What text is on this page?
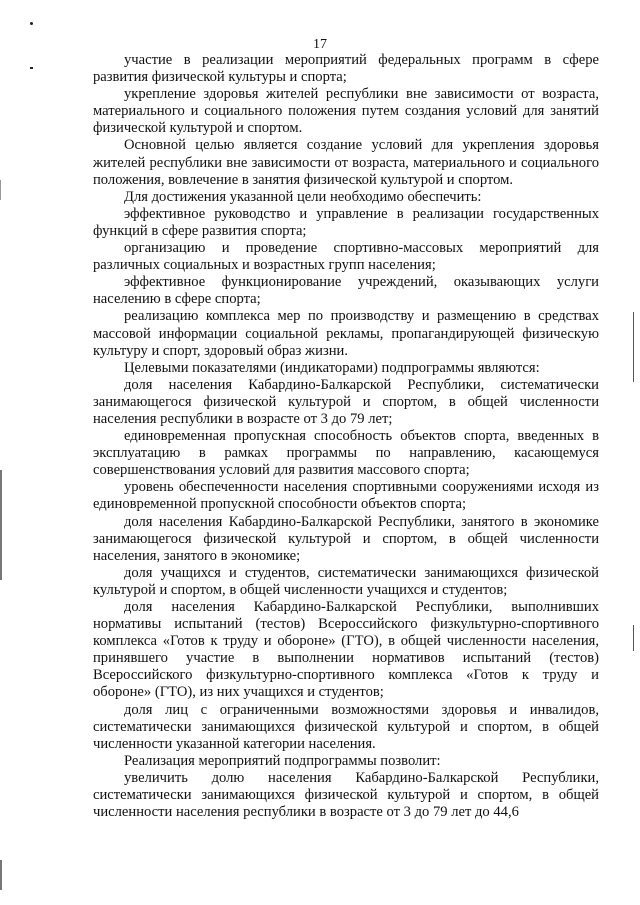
17

участие в реализации мероприятий федеральных программ в сфере развития физической культуры и спорта;

укрепление здоровья жителей республики вне зависимости от возраста, материального и социального положения путем создания условий для занятий физической культурой и спортом.

Основной целью является создание условий для укрепления здоровья жителей республики вне зависимости от возраста, материального и социального положения, вовлечение в занятия физической культурой и спортом.

Для достижения указанной цели необходимо обеспечить:

эффективное руководство и управление в реализации государственных функций в сфере развития спорта;

организацию и проведение спортивно-массовых мероприятий для различных социальных и возрастных групп населения;

эффективное функционирование учреждений, оказывающих услуги населению в сфере спорта;

реализацию комплекса мер по производству и размещению в средствах массовой информации социальной рекламы, пропагандирующей физическую культуру и спорт, здоровый образ жизни.

Целевыми показателями (индикаторами) подпрограммы являются:

доля населения Кабардино-Балкарской Республики, систематически занимающегося физической культурой и спортом, в общей численности населения республики в возрасте от 3 до 79 лет;

единовременная пропускная способность объектов спорта, введенных в эксплуатацию в рамках программы по направлению, касающемуся совершенствования условий для развития массового спорта;

уровень обеспеченности населения спортивными сооружениями исходя из единовременной пропускной способности объектов спорта;

доля населения Кабардино-Балкарской Республики, занятого в экономике занимающегося физической культурой и спортом, в общей численности населения, занятого в экономике;

доля учащихся и студентов, систематически занимающихся физической культурой и спортом, в общей численности учащихся и студентов;

доля населения Кабардино-Балкарской Республики, выполнивших нормативы испытаний (тестов) Всероссийского физкультурно-спортивного комплекса «Готов к труду и обороне» (ГТО), в общей численности населения, принявшего участие в выполнении нормативов испытаний (тестов) Всероссийского физкультурно-спортивного комплекса «Готов к труду и обороне» (ГТО), из них учащихся и студентов;

доля лиц с ограниченными возможностями здоровья и инвалидов, систематически занимающихся физической культурой и спортом, в общей численности указанной категории населения.

Реализация мероприятий подпрограммы позволит:

увеличить долю населения Кабардино-Балкарской Республики, систематически занимающихся физической культурой и спортом, в общей численности населения республики в возрасте от 3 до 79 лет до 44,6
